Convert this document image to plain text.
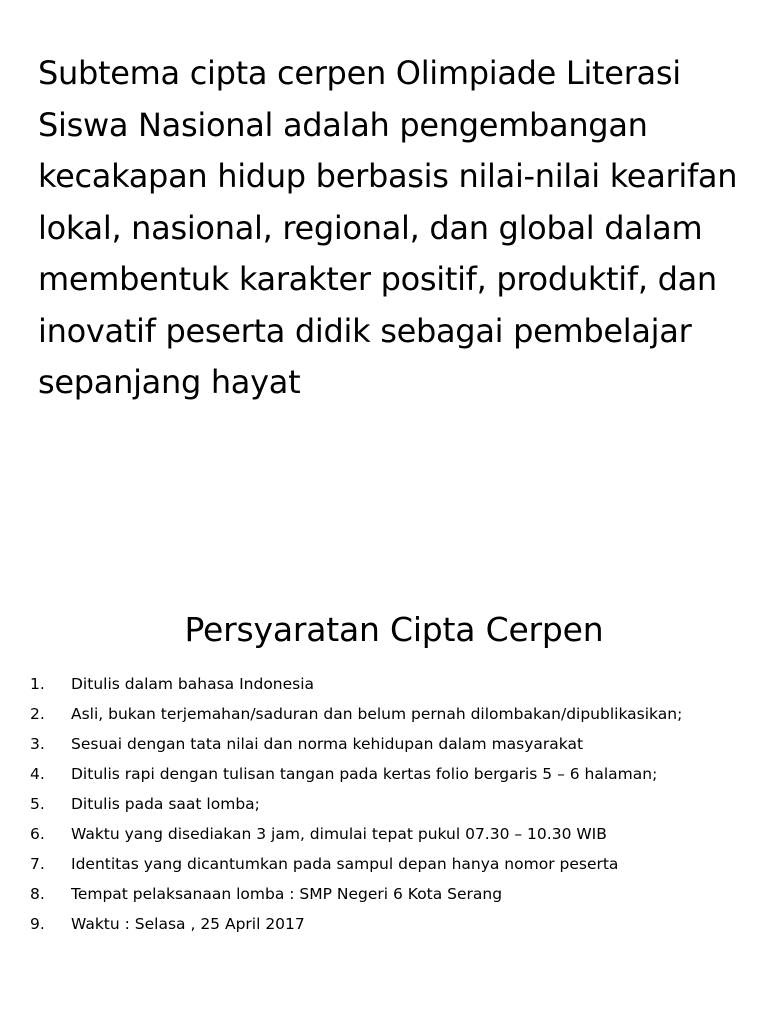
Subtema cipta cerpen Olimpiade Literasi Siswa Nasional adalah pengembangan kecakapan hidup berbasis nilai-nilai kearifan lokal, nasional, regional, dan global dalam membentuk karakter positif, produktif, dan inovatif peserta didik sebagai pembelajar sepanjang hayat

Persyaratan Cipta Cerpen
1.	Ditulis dalam bahasa Indonesia
2.	Asli, bukan terjemahan/saduran dan belum pernah dilombakan/dipublikasikan;
3.	Sesuai dengan tata nilai dan norma kehidupan dalam masyarakat
4.	Ditulis rapi dengan tulisan tangan pada kertas folio bergaris 5 – 6 halaman;
5.	Ditulis pada saat lomba;
6.	Waktu yang disediakan 3 jam, dimulai tepat pukul 07.30 – 10.30 WIB
7.	Identitas yang dicantumkan pada sampul depan hanya nomor peserta
8.	Tempat pelaksanaan lomba : SMP Negeri 6 Kota Serang
9.	Waktu : Selasa , 25 April 2017
